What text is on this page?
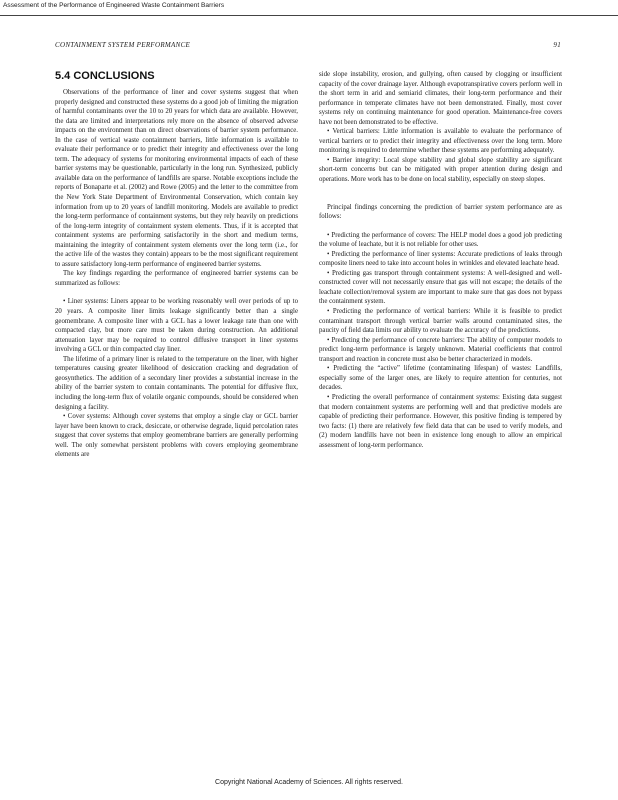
Assessment of the Performance of Engineered Waste Containment Barriers
CONTAINMENT SYSTEM PERFORMANCE	91
5.4 CONCLUSIONS

Observations of the performance of liner and cover systems suggest that when properly designed and constructed these systems do a good job of limiting the migration of harmful contaminants over the 10 to 20 years for which data are available. However, the data are limited and interpretations rely more on the absence of observed adverse impacts on the environment than on direct observations of barrier system performance. In the case of vertical waste containment barriers, little information is available to evaluate their performance or to predict their integrity and effectiveness over the long term. The adequacy of systems for monitoring environmental impacts of each of these barrier systems may be questionable, particularly in the long run. Synthesized, publicly available data on the performance of landfills are sparse. Notable exceptions include the reports of Bonaparte et al. (2002) and Rowe (2005) and the letter to the committee from the New York State Department of Environmental Conservation, which contain key information from up to 20 years of landfill monitoring. Models are available to predict the long-term performance of containment systems, but they rely heavily on predictions of the long-term integrity of containment system elements. Thus, if it is accepted that containment systems are performing satisfactorily in the short and medium terms, maintaining the integrity of containment system elements over the long term (i.e., for the active life of the wastes they contain) appears to be the most significant requirement to assure satisfactory long-term performance of engineered barrier systems.

The key findings regarding the performance of engineered barrier systems can be summarized as follows:

• Liner systems: Liners appear to be working reasonably well over periods of up to 20 years. A composite liner limits leakage significantly better than a single geomembrane. A composite liner with a GCL has a lower leakage rate than one with compacted clay, but more care must be taken during construction. An additional attenuation layer may be required to control diffusive transport in liner systems involving a GCL or thin compacted clay liner.

The lifetime of a primary liner is related to the temperature on the liner, with higher temperatures causing greater likelihood of desiccation cracking and degradation of geosynthetics. The addition of a secondary liner provides a substantial increase in the ability of the barrier system to contain contaminants. The potential for diffusive flux, including the long-term flux of volatile organic compounds, should be considered when designing a facility.

• Cover systems: Although cover systems that employ a single clay or GCL barrier layer have been known to crack, desiccate, or otherwise degrade, liquid percolation rates suggest that cover systems that employ geomembrane barriers are generally performing well. The only somewhat persistent problems with covers employing geomembrane elements are

side slope instability, erosion, and gullying, often caused by clogging or insufficient capacity of the cover drainage layer. Although evapotranspirative covers perform well in the short term in arid and semiarid climates, their long-term performance and their performance in temperate climates have not been demonstrated. Finally, most cover systems rely on continuing maintenance for good operation. Maintenance-free covers have not been demonstrated to be effective.

• Vertical barriers: Little information is available to evaluate the performance of vertical barriers or to predict their integrity and effectiveness over the long term. More monitoring is required to determine whether these systems are performing adequately.

• Barrier integrity: Local slope stability and global slope stability are significant short-term concerns but can be mitigated with proper attention during design and operations. More work has to be done on local stability, especially on steep slopes.

Principal findings concerning the prediction of barrier system performance are as follows:

• Predicting the performance of covers: The HELP model does a good job predicting the volume of leachate, but it is not reliable for other uses.

• Predicting the performance of liner systems: Accurate predictions of leaks through composite liners need to take into account holes in wrinkles and elevated leachate head.

• Predicting gas transport through containment systems: A well-designed and well-constructed cover will not necessarily ensure that gas will not escape; the details of the leachate collection/removal system are important to make sure that gas does not bypass the containment system.

• Predicting the performance of vertical barriers: While it is feasible to predict contaminant transport through vertical barrier walls around contaminated sites, the paucity of field data limits our ability to evaluate the accuracy of the predictions.

• Predicting the performance of concrete barriers: The ability of computer models to predict long-term performance is largely unknown. Material coefficients that control transport and reaction in concrete must also be better characterized in models.

• Predicting the “active” lifetime (contaminating lifespan) of wastes: Landfills, especially some of the larger ones, are likely to require attention for centuries, not decades.

• Predicting the overall performance of containment systems: Existing data suggest that modern containment systems are performing well and that predictive models are capable of predicting their performance. However, this positive finding is tempered by two facts: (1) there are relatively few field data that can be used to verify models, and (2) modern landfills have not been in existence long enough to allow an empirical assessment of long-term performance.

Copyright National Academy of Sciences. All rights reserved.
